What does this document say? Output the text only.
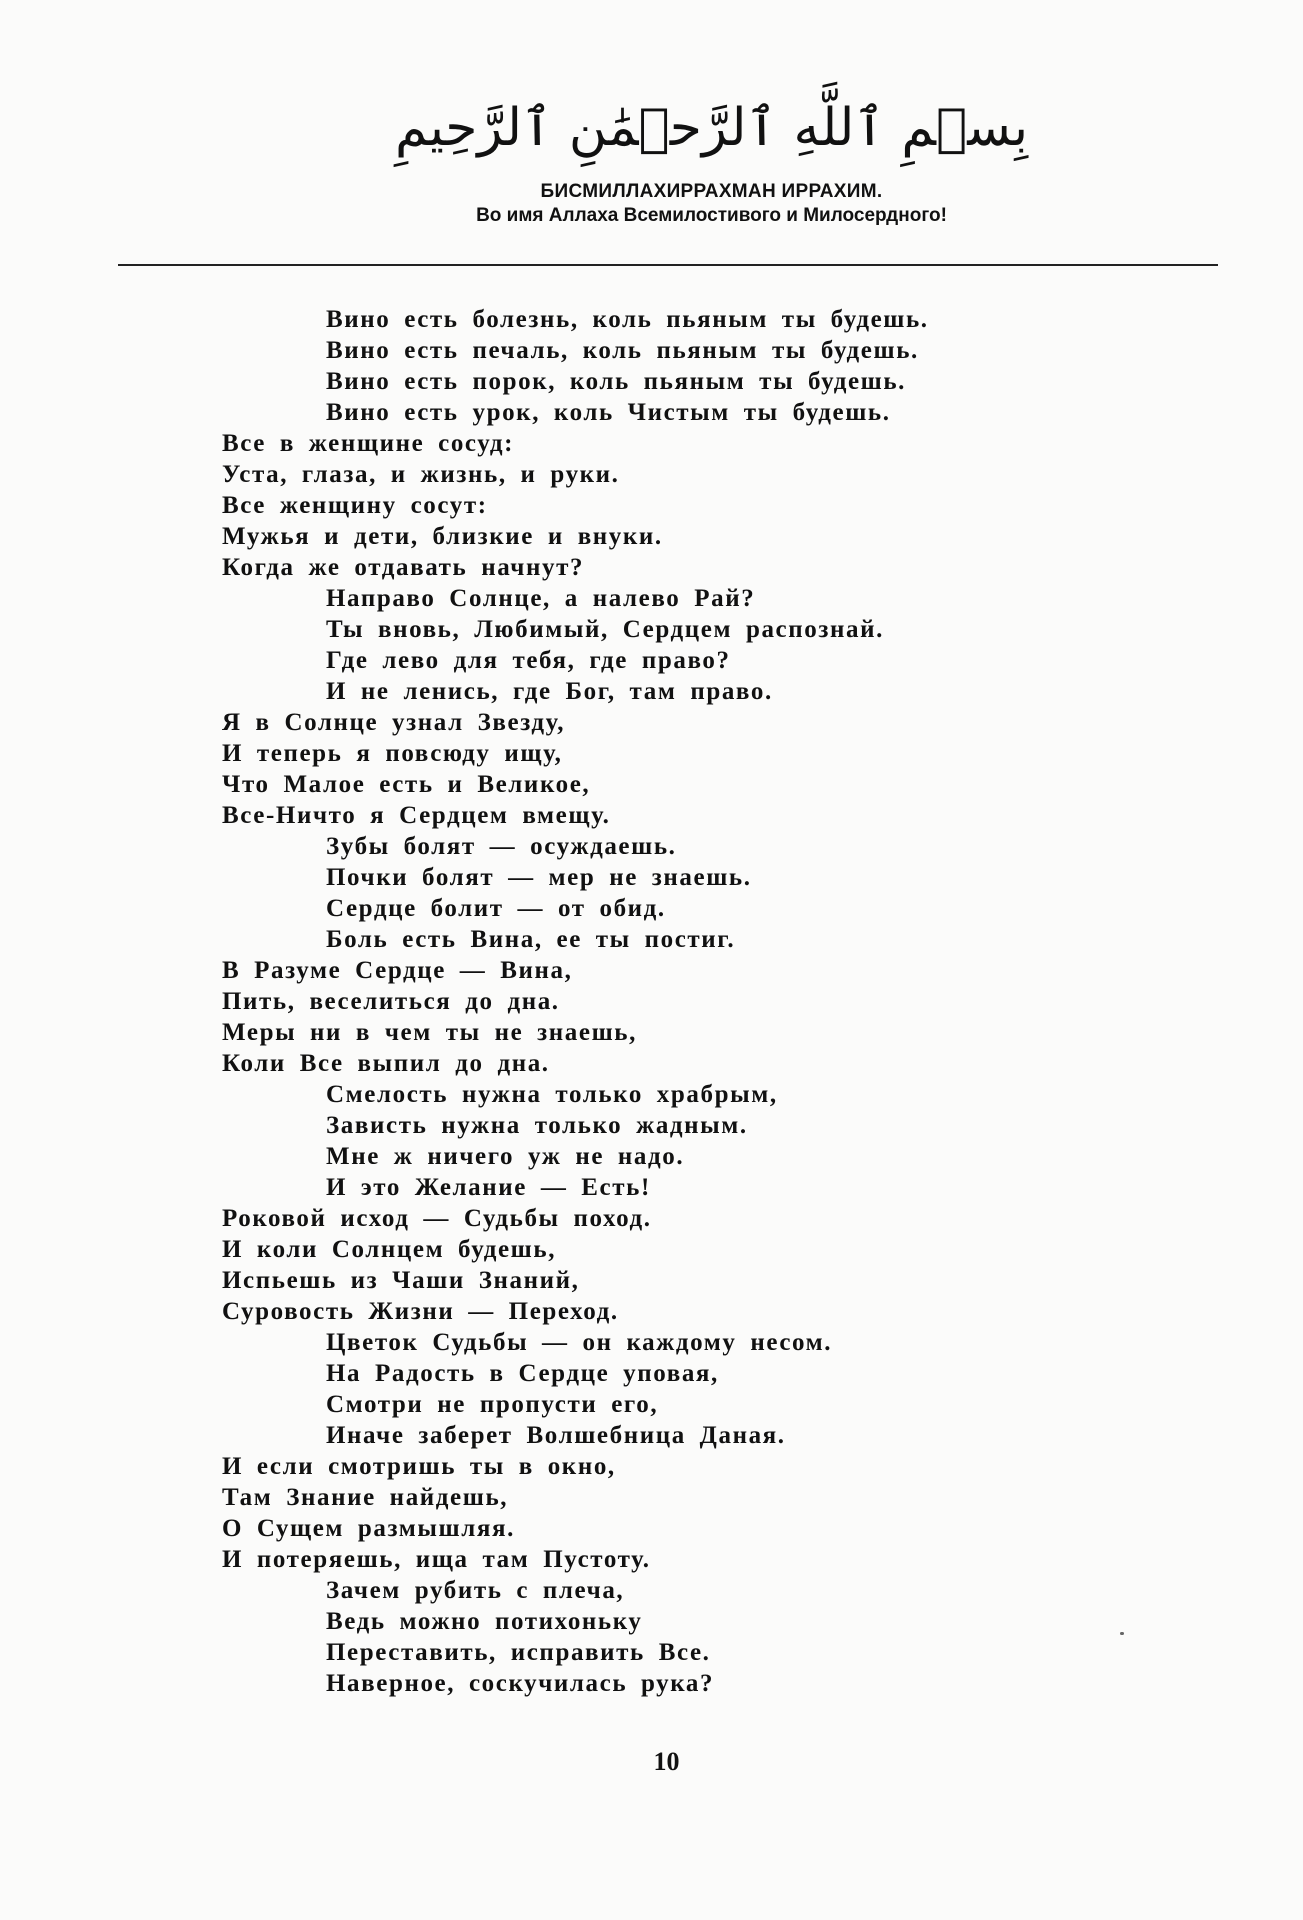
بِسۡمِ ٱللَّهِ ٱلرَّحۡمَٰنِ ٱلرَّحِيمِ
БИСМИЛЛАХИРРАХМАН ИРРАХИМ.
Во имя Аллаха Всемилостивого и Милосердного!
Вино есть болезнь, коль пьяным ты будешь.
Вино есть печаль, коль пьяным ты будешь.
Вино есть порок, коль пьяным ты будешь.
Вино есть урок, коль Чистым ты будешь.
Все в женщине сосуд:
Уста, глаза, и жизнь, и руки.
Все женщину сосут:
Мужья и дети, близкие и внуки.
Когда же отдавать начнут?
Направо Солнце, а налево Рай?
Ты вновь, Любимый, Сердцем распознай.
Где лево для тебя, где право?
И не ленись, где Бог, там право.
Я в Солнце узнал Звезду,
И теперь я повсюду ищу,
Что Малое есть и Великое,
Все-Ничто я Сердцем вмещу.
Зубы болят — осуждаешь.
Почки болят — мер не знаешь.
Сердце болит — от обид.
Боль есть Вина, ее ты постиг.
В Разуме Сердце — Вина,
Пить, веселиться до дна.
Меры ни в чем ты не знаешь,
Коли Все выпил до дна.
Смелость нужна только храбрым,
Зависть нужна только жадным.
Мне ж ничего уж не надо.
И это Желание — Есть!
Роковой исход — Судьбы поход.
И коли Солнцем будешь,
Испьешь из Чаши Знаний,
Суровость Жизни — Переход.
Цветок Судьбы — он каждому несом.
На Радость в Сердце уповая,
Смотри не пропусти его,
Иначе заберет Волшебница Даная.
И если смотришь ты в окно,
Там Знание найдешь,
О Сущем размышляя.
И потеряешь, ища там Пустоту.
Зачем рубить с плеча,
Ведь можно потихоньку
Переставить, исправить Все.
Наверное, соскучилась рука?
10
